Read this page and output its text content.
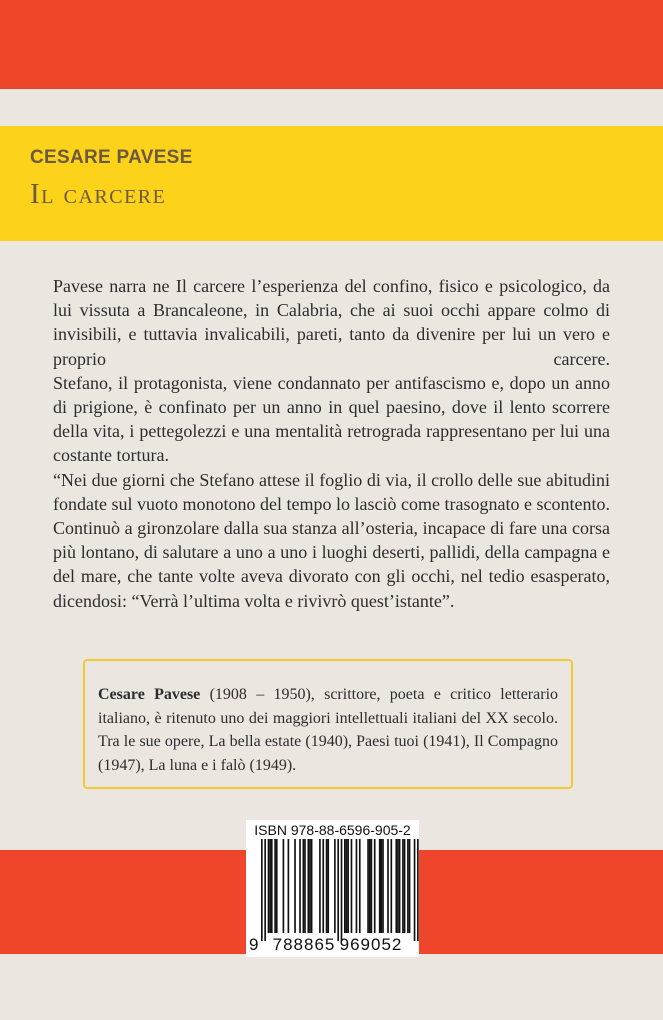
CESARE PAVESE
Il carcere

Pavese narra ne Il carcere l’esperienza del confino, fisico e psicologico, da lui vissuta a Brancaleone, in Calabria, che ai suoi occhi appare colmo di invisibili, e tuttavia invalicabili, pareti, tanto da divenire per lui un vero e proprio carcere.

Stefano, il protagonista, viene condannato per antifascismo e, dopo un anno di prigione, è confinato per un anno in quel paesino, dove il lento scorrere della vita, i pettegolezzi e una mentalità retrograda rappresentano per lui una costante tortura.

“Nei due giorni che Stefano attese il foglio di via, il crollo delle sue abitudini fondate sul vuoto monotono del tempo lo lasciò come trasognato e scontento. Continuò a gironzolare dalla sua stanza all’osteria, incapace di fare una corsa più lontano, di salutare a uno a uno i luoghi deserti, pallidi, della campagna e del mare, che tante volte aveva divorato con gli occhi, nel tedio esasperato, dicendosi: “Verrà l’ultima volta e rivivrò quest’istante”.

Cesare Pavese (1908 – 1950), scrittore, poeta e critico letterario italiano, è ritenuto uno dei maggiori intellettuali italiani del XX secolo. Tra le sue opere, La bella estate (1940), Paesi tuoi (1941), Il Compagno (1947), La luna e i falò (1949).
9 788865 969052
ISBN 978-88-6596-905-2
